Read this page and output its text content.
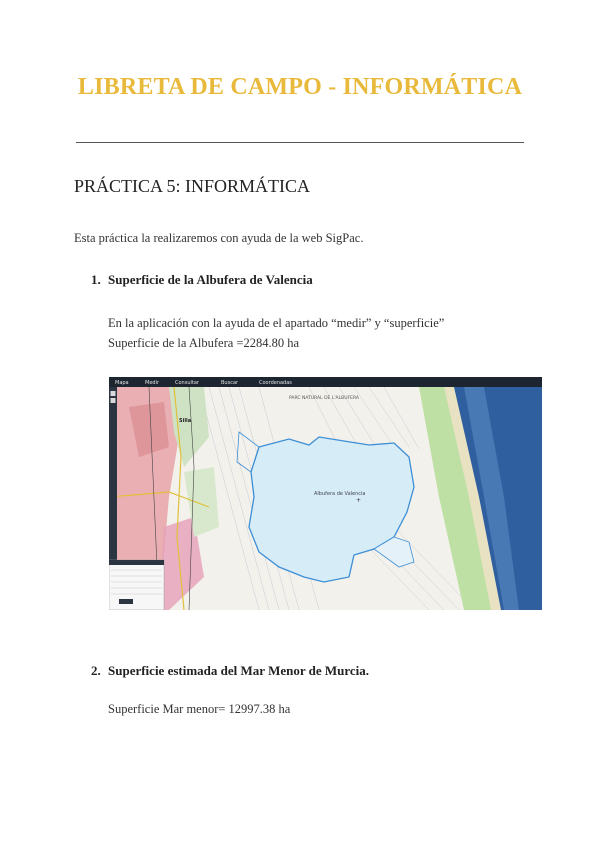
LIBRETA DE CAMPO - INFORMÁTICA
PRÁCTICA 5: INFORMÁTICA
Esta práctica la realizaremos con ayuda de la web SigPac.
1. Superficie de la Albufera de Valencia
En la aplicación con la ayuda de el apartado “medir” y “superficie”
Superficie de la Albufera =2284.80 ha
+
Albufera de Valencia
Silla
PARC NATURAL DE L'ALBUFERA
Mapa	Medir	Consultar	Buscar	Coordenadas
2. Superficie estimada del Mar Menor de Murcia.
Superficie Mar menor= 12997.38 ha
